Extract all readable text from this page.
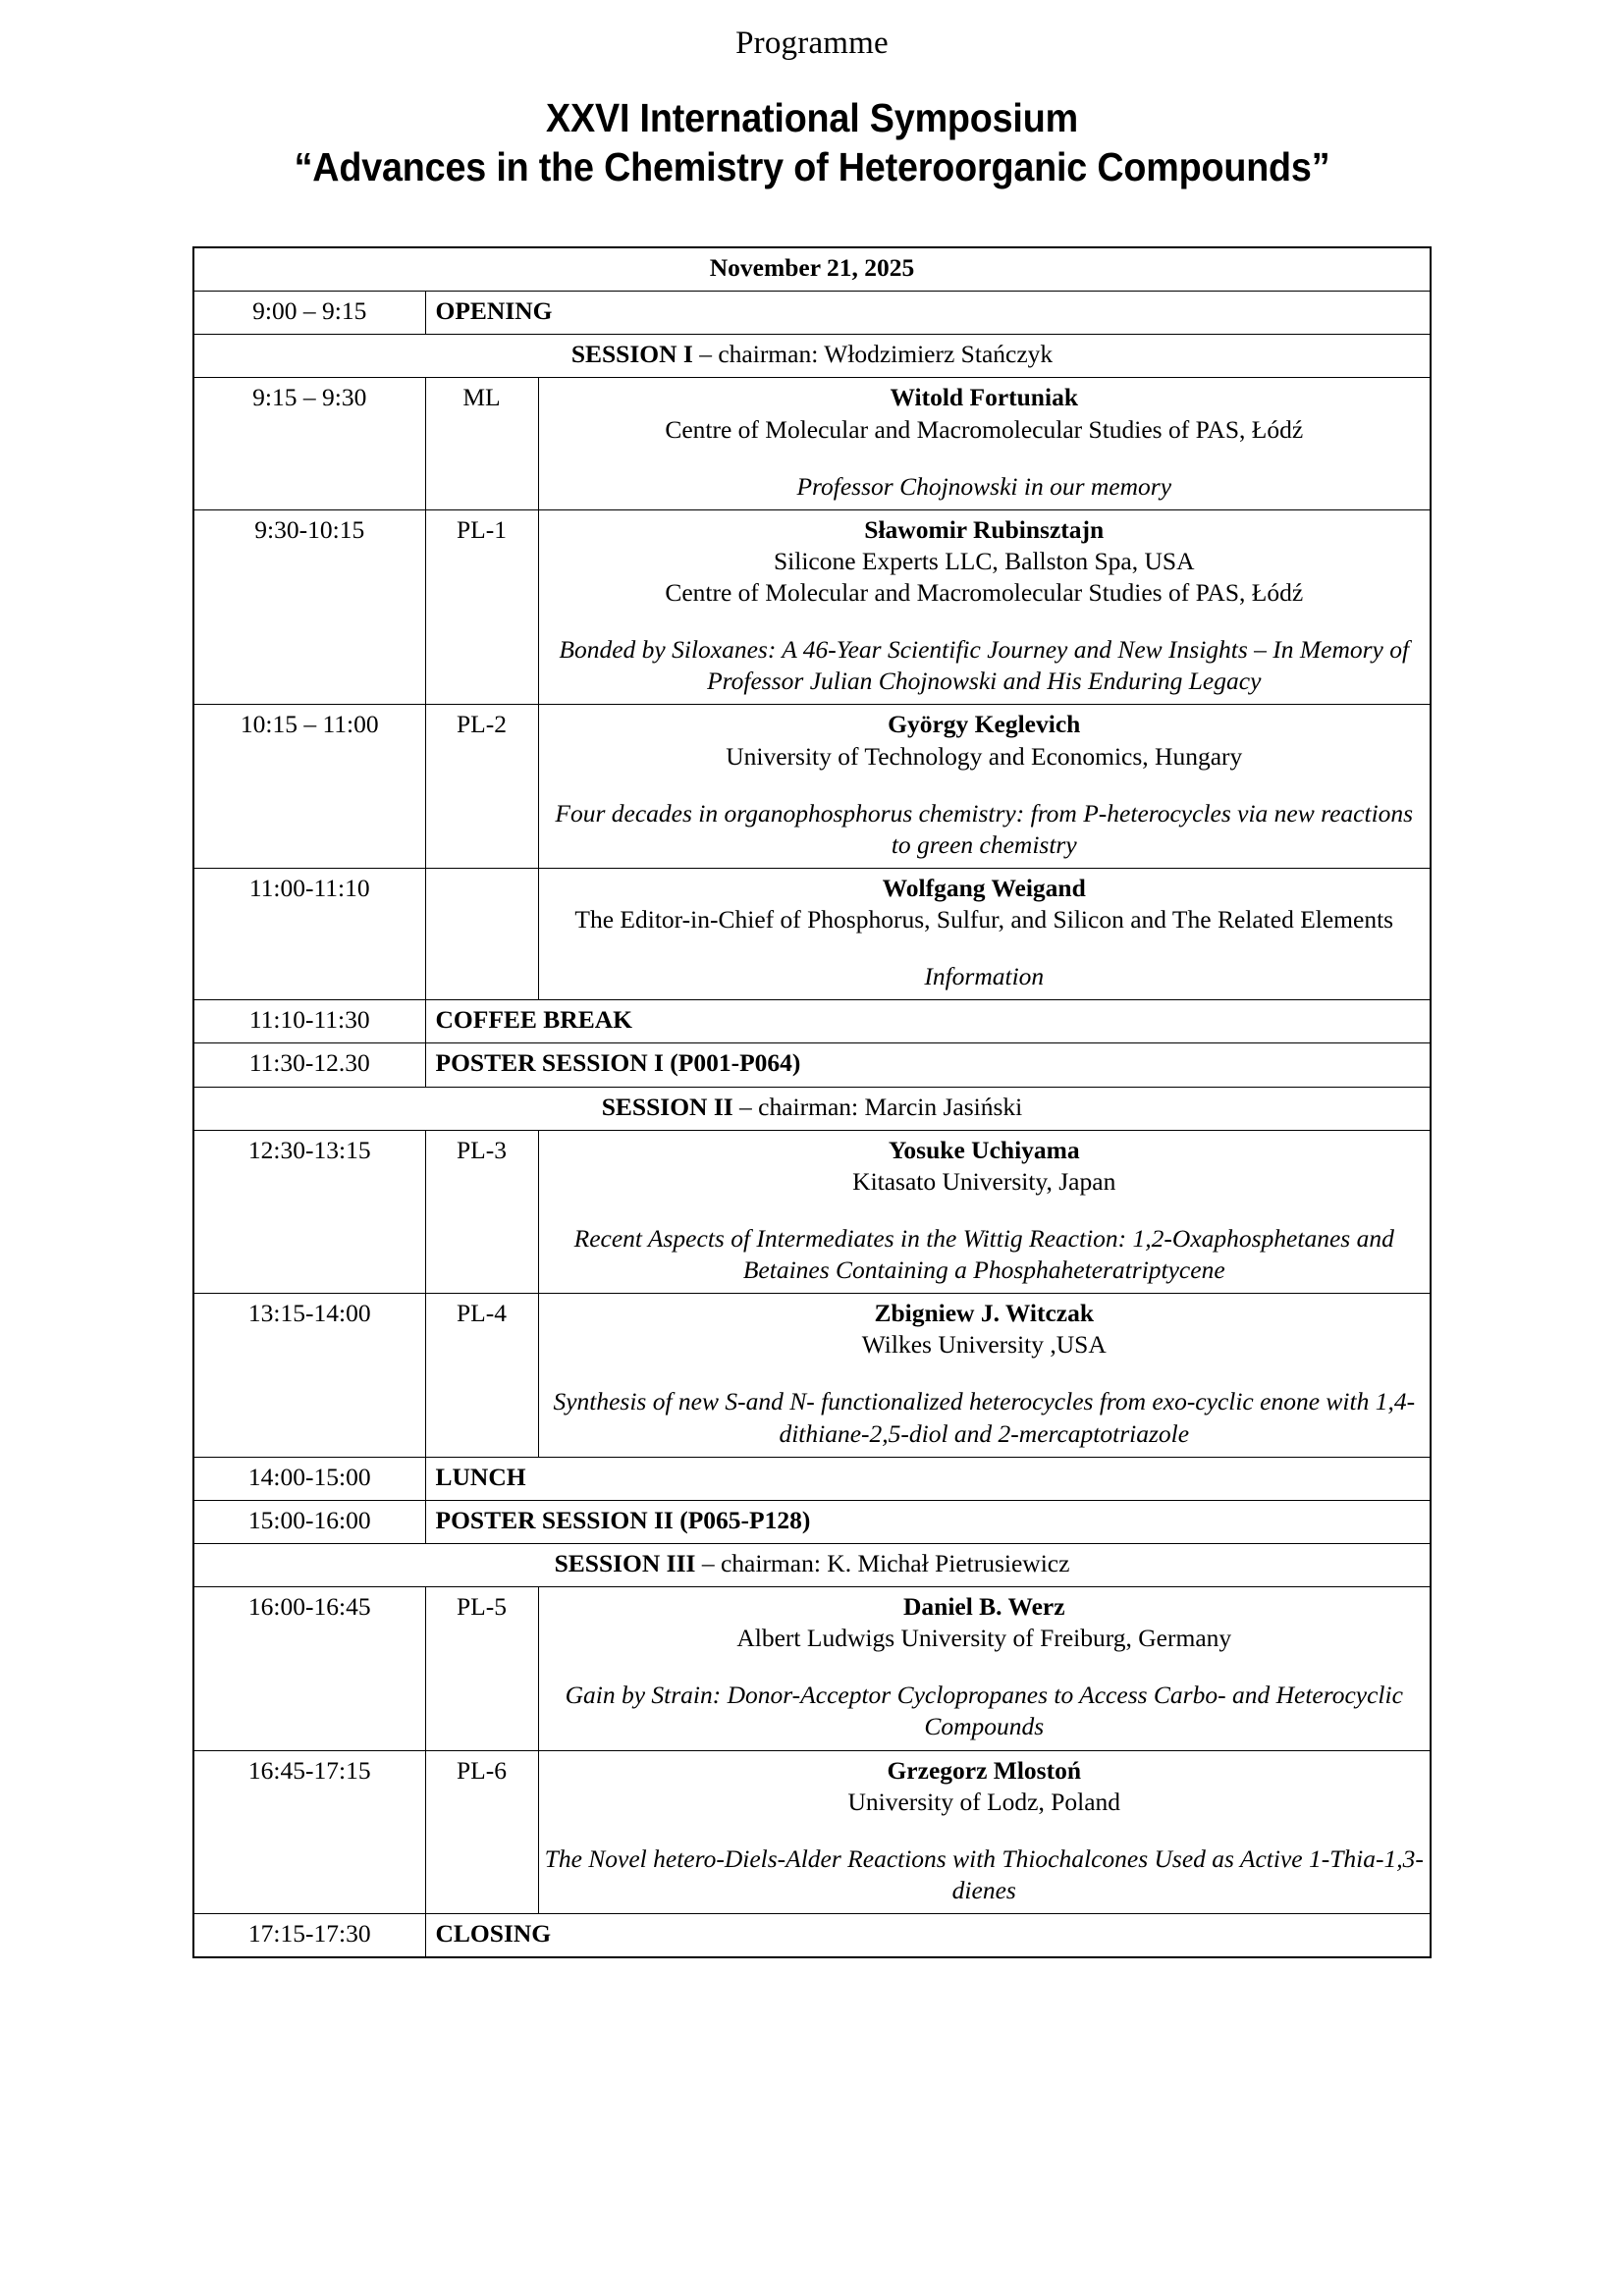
Programme
XXVI International Symposium
“Advances in the Chemistry of Heteroorganic Compounds”
November 21, 2025		
9:00 – 9:15	OPENING	
SESSION I – chairman: Włodzimierz Stańczyk		
9:15 – 9:30	ML	Witold Fortuniak
Centre of Molecular and Macromolecular Studies of PAS, Łódź
Professor Chojnowski in our memory

9:30-10:15	PL-1	Sławomir Rubinsztajn
Silicone Experts LLC, Ballston Spa, USA
Centre of Molecular and Macromolecular Studies of PAS, Łódź
Bonded by Siloxanes: A 46-Year Scientific Journey and New Insights – In Memory of Professor Julian Chojnowski and His Enduring Legacy

10:15 – 11:00	PL-2	György Keglevich
University of Technology and Economics, Hungary
Four decades in organophosphorus chemistry: from P-heterocycles via new reactions to green chemistry

11:00-11:10		Wolfgang Weigand
The Editor-in-Chief of Phosphorus, Sulfur, and Silicon and The Related Elements
Information

11:10-11:30	COFFEE BREAK	
11:30-12.30	POSTER SESSION I (P001-P064)	
SESSION II – chairman: Marcin Jasiński		
12:30-13:15	PL-3	Yosuke Uchiyama
Kitasato University, Japan
Recent Aspects of Intermediates in the Wittig Reaction: 1,2-Oxaphosphetanes and Betaines Containing a Phosphaheteratriptycene

13:15-14:00	PL-4	Zbigniew J. Witczak
Wilkes University ,USA
Synthesis of new S-and N- functionalized heterocycles from exo-cyclic enone with 1,4-dithiane-2,5-diol and 2-mercaptotriazole

14:00-15:00	LUNCH	
15:00-16:00	POSTER SESSION II (P065-P128)	
SESSION III – chairman: K. Michał Pietrusiewicz		
16:00-16:45	PL-5	Daniel B. Werz
Albert Ludwigs University of Freiburg, Germany
Gain by Strain: Donor-Acceptor Cyclopropanes to Access Carbo- and Heterocyclic Compounds

16:45-17:15	PL-6	Grzegorz Mlostoń
University of Lodz, Poland
The Novel hetero-Diels-Alder Reactions with Thiochalcones Used as Active 1-Thia-1,3-dienes

17:15-17:30	CLOSING	
